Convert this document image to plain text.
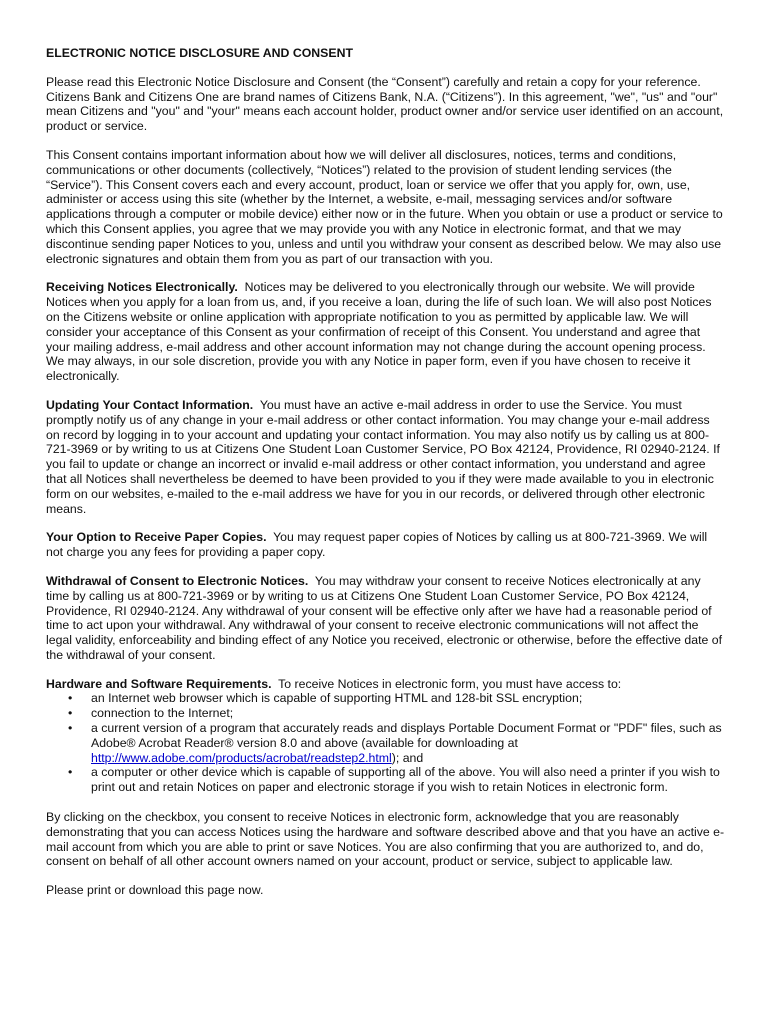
ELECTRONIC NOTICE DISCLOSURE AND CONSENT

Please read this Electronic Notice Disclosure and Consent (the “Consent”) carefully and retain a copy for your reference. Citizens Bank and Citizens One are brand names of Citizens Bank, N.A. (“Citizens”). In this agreement, "we", "us" and "our" mean Citizens and "you" and "your" means each account holder, product owner and/or service user identified on an account, product or service.

This Consent contains important information about how we will deliver all disclosures, notices, terms and conditions, communications or other documents (collectively, “Notices”) related to the provision of student lending services (the “Service”). This Consent covers each and every account, product, loan or service we offer that you apply for, own, use, administer or access using this site (whether by the Internet, a website, e-mail, messaging services and/or software applications through a computer or mobile device) either now or in the future. When you obtain or use a product or service to which this Consent applies, you agree that we may provide you with any Notice in electronic format, and that we may discontinue sending paper Notices to you, unless and until you withdraw your consent as described below. We may also use electronic signatures and obtain them from you as part of our transaction with you.

Receiving Notices Electronically. Notices may be delivered to you electronically through our website. We will provide Notices when you apply for a loan from us, and, if you receive a loan, during the life of such loan. We will also post Notices on the Citizens website or online application with appropriate notification to you as permitted by applicable law. We will consider your acceptance of this Consent as your confirmation of receipt of this Consent. You understand and agree that your mailing address, e-mail address and other account information may not change during the account opening process. We may always, in our sole discretion, provide you with any Notice in paper form, even if you have chosen to receive it electronically.

Updating Your Contact Information. You must have an active e-mail address in order to use the Service. You must promptly notify us of any change in your e-mail address or other contact information. You may change your e-mail address on record by logging in to your account and updating your contact information. You may also notify us by calling us at 800-721-3969 or by writing to us at Citizens One Student Loan Customer Service, PO Box 42124, Providence, RI 02940-2124. If you fail to update or change an incorrect or invalid e-mail address or other contact information, you understand and agree that all Notices shall nevertheless be deemed to have been provided to you if they were made available to you in electronic form on our websites, e-mailed to the e-mail address we have for you in our records, or delivered through other electronic means.

Your Option to Receive Paper Copies. You may request paper copies of Notices by calling us at 800-721-3969. We will not charge you any fees for providing a paper copy.

Withdrawal of Consent to Electronic Notices. You may withdraw your consent to receive Notices electronically at any time by calling us at 800-721-3969 or by writing to us at Citizens One Student Loan Customer Service, PO Box 42124, Providence, RI 02940-2124. Any withdrawal of your consent will be effective only after we have had a reasonable period of time to act upon your withdrawal. Any withdrawal of your consent to receive electronic communications will not affect the legal validity, enforceability and binding effect of any Notice you received, electronic or otherwise, before the effective date of the withdrawal of your consent.

Hardware and Software Requirements. To receive Notices in electronic form, you must have access to:
• an Internet web browser which is capable of supporting HTML and 128-bit SSL encryption;
• connection to the Internet;
• a current version of a program that accurately reads and displays Portable Document Format or "PDF" files, such as Adobe® Acrobat Reader® version 8.0 and above (available for downloading at http://www.adobe.com/products/acrobat/readstep2.html); and
• a computer or other device which is capable of supporting all of the above. You will also need a printer if you wish to print out and retain Notices on paper and electronic storage if you wish to retain Notices in electronic form.

By clicking on the checkbox, you consent to receive Notices in electronic form, acknowledge that you are reasonably demonstrating that you can access Notices using the hardware and software described above and that you have an active e-mail account from which you are able to print or save Notices. You are also confirming that you are authorized to, and do, consent on behalf of all other account owners named on your account, product or service, subject to applicable law.

Please print or download this page now.
